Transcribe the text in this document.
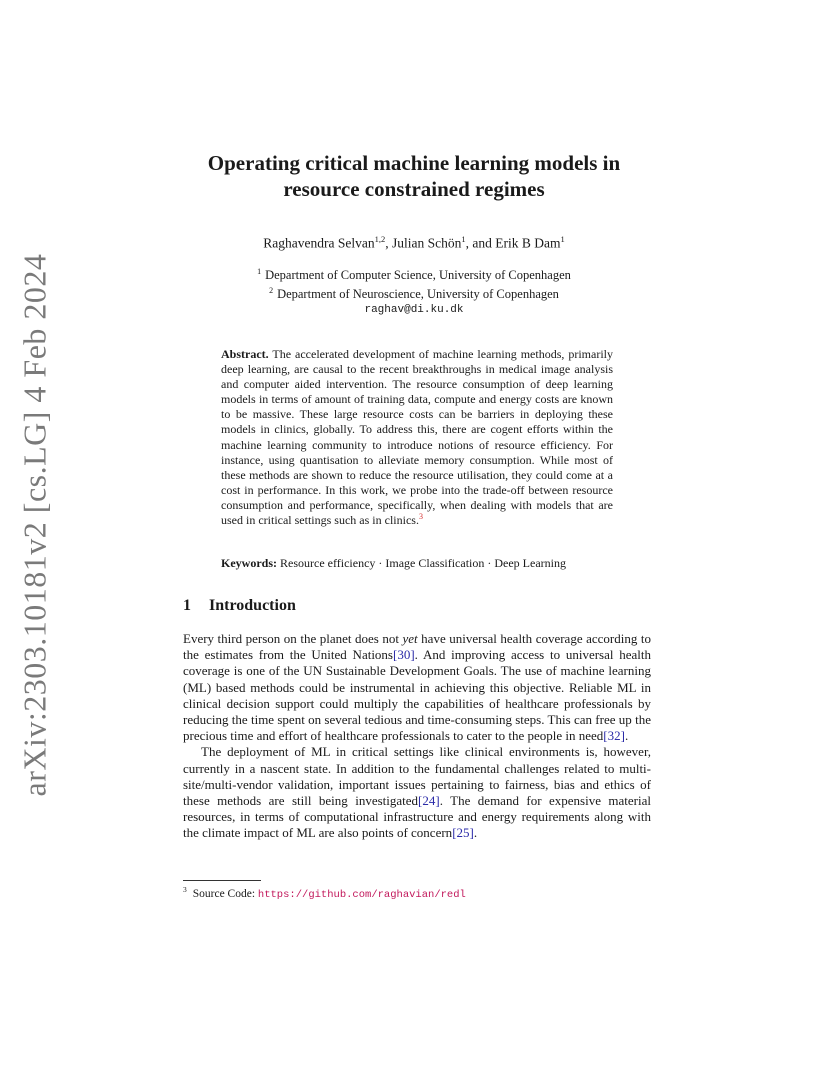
arXiv:2303.10181v2 [cs.LG] 4 Feb 2024
Operating critical machine learning models in
resource constrained regimes
Raghavendra Selvan$^{1,2}$, Julian Schön$^1$, and Erik B Dam$^1$
$^1$ Department of Computer Science, University of Copenhagen
$^2$ Department of Neuroscience, University of Copenhagen
raghav@di.ku.dk
Abstract. The accelerated development of machine learning methods, primarily deep learning, are causal to the recent breakthroughs in medical image analysis and computer aided intervention. The resource consumption of deep learning models in terms of amount of training data, compute and energy costs are known to be massive. These large resource costs can be barriers in deploying these models in clinics, globally. To address this, there are cogent efforts within the machine learning community to introduce notions of resource efficiency. For instance, using quantisation to alleviate memory consumption. While most of these methods are shown to reduce the resource utilisation, they could come at a cost in performance. In this work, we probe into the trade-off between resource consumption and performance, specifically, when dealing with models that are used in critical settings such as in clinics.$^3$
Keywords: Resource efficiency · Image Classification · Deep Learning
1 Introduction

Every third person on the planet does not yet have universal health coverage according to the estimates from the United Nations[30]. And improving access to universal health coverage is one of the UN Sustainable Development Goals. The use of machine learning (ML) based methods could be instrumental in achieving this objective. Reliable ML in clinical decision support could multiply the capabilities of healthcare professionals by reducing the time spent on several tedious and time-consuming steps. This can free up the precious time and effort of healthcare professionals to cater to the people in need[32].

The deployment of ML in critical settings like clinical environments is, however, currently in a nascent state. In addition to the fundamental challenges related to multi-site/multi-vendor validation, important issues pertaining to fairness, bias and ethics of these methods are still being investigated[24]. The demand for expensive material resources, in terms of computational infrastructure and energy requirements along with the climate impact of ML are also points of concern[25].

$^3$ Source Code: https://github.com/raghavian/redl
